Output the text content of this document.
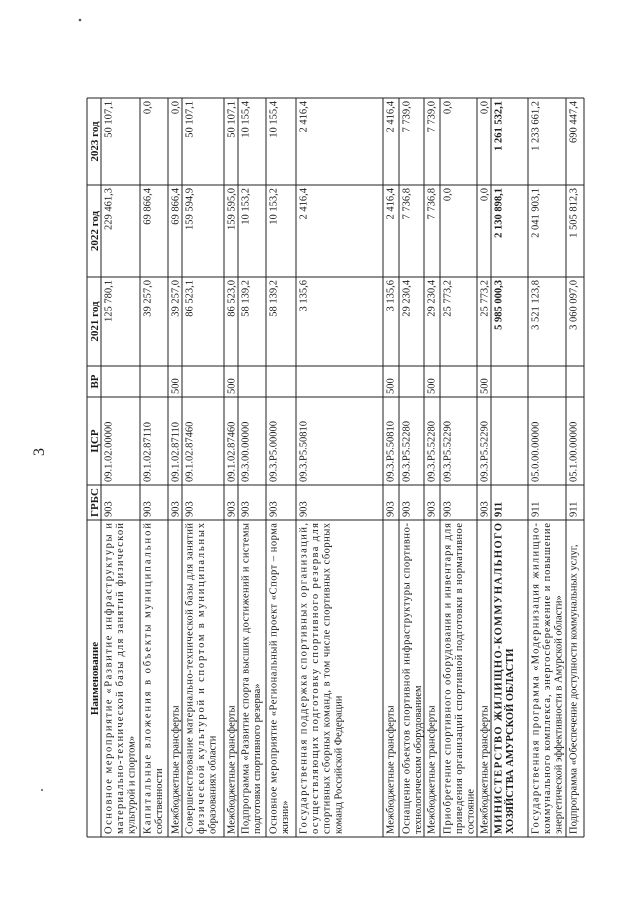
3
Наименование
ГРБС
ЦСР
ВР
2021 год
2022 год
2023 год
Основное мероприятие «Развитие инфраструктуры и
материально-технической базы для занятий физической
культурой и спортом»
903
09.1.02.00000
125 780,1
229 461,3
50 107,1
Капитальные вложения в объекты муниципальной
собственности
903
09.1.02.87110
39 257,0
69 866,4
0,0
Межбюджетные трансферты
903
09.1.02.87110
500
39 257,0
69 866,4
0,0
Совершенствование материально-технической базы для занятий
физической культурой и спортом в муниципальных
образованиях области
903
09.1.02.87460
86 523,1
159 594,9
50 107,1
Межбюджетные трансферты
903
09.1.02.87460
500
86 523,0
159 595,0
50 107,1
Подпрограмма «Развитие спорта высших достижений и системы
подготовки спортивного резерва»
903
09.3.00.00000
58 139,2
10 153,2
10 155,4
Основное мероприятие «Региональный проект «Спорт – норма
жизни»
903
09.3.P5.00000
58 139,2
10 153,2
10 155,4
Государственная поддержка спортивных организаций,
осуществляющих подготовку спортивного резерва для
спортивных сборных команд, в том числе спортивных сборных
команд Российской Федерации
903
09.3.P5.50810
3 135,6
2 416,4
2 416,4
Межбюджетные трансферты
903
09.3.P5.50810
500
3 135,6
2 416,4
2 416,4
Оснащение объектов спортивной инфраструктуры спортивно-
технологическим оборудованием
903
09.3.P5.52280
29 230,4
7 736,8
7 739,0
Межбюджетные трансферты
903
09.3.P5.52280
500
29 230,4
7 736,8
7 739,0
Приобретение спортивного оборудования и инвентаря для
приведения организаций спортивной подготовки в нормативное
состояние
903
09.3.P5.52290
25 773,2
0,0
0,0
Межбюджетные трансферты
903
09.3.P5.52290
500
25 773,2
0,0
0,0
МИНИСТЕРСТВО ЖИЛИЩНО-КОММУНАЛЬНОГО
ХОЗЯЙСТВА АМУРСКОЙ ОБЛАСТИ
911
5 985 000,3
2 130 898,1
1 261 532,1
Государственная программа «Модернизация жилищно-
коммунального комплекса, энергосбережение и повышение
энергетической эффективности в Амурской области»
911
05.0.00.00000
3 521 123,8
2 041 903,1
1 233 661,2
Подпрограмма «Обеспечение доступности коммунальных услуг,
911
05.1.00.00000
3 060 097,0
1 505 812,3
690 447,4
